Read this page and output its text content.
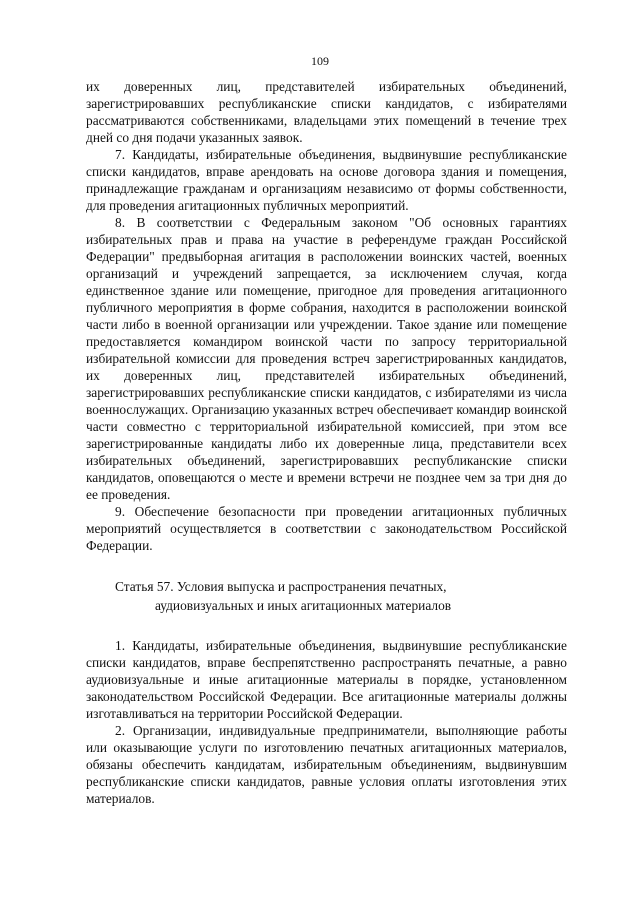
109

их доверенных лиц, представителей избирательных объединений, зарегистрировавших республиканские списки кандидатов, с избирателями рассматриваются собственниками, владельцами этих помещений в течение трех дней со дня подачи указанных заявок.

7. Кандидаты, избирательные объединения, выдвинувшие республиканские списки кандидатов, вправе арендовать на основе договора здания и помещения, принадлежащие гражданам и организациям независимо от формы собственности, для проведения агитационных публичных мероприятий.

8. В соответствии с Федеральным законом "Об основных гарантиях избирательных прав и права на участие в референдуме граждан Российской Федерации" предвыборная агитация в расположении воинских частей, военных организаций и учреждений запрещается, за исключением случая, когда единственное здание или помещение, пригодное для проведения агитационного публичного мероприятия в форме собрания, находится в расположении воинской части либо в военной организации или учреждении. Такое здание или помещение предоставляется командиром воинской части по запросу территориальной избирательной комиссии для проведения встреч зарегистрированных кандидатов, их доверенных лиц, представителей избирательных объединений, зарегистрировавших республиканские списки кандидатов, с избирателями из числа военнослужащих. Организацию указанных встреч обеспечивает командир воинской части совместно с территориальной избирательной комиссией, при этом все зарегистрированные кандидаты либо их доверенные лица, представители всех избирательных объединений, зарегистрировавших республиканские списки кандидатов, оповещаются о месте и времени встречи не позднее чем за три дня до ее проведения.

9. Обеспечение безопасности при проведении агитационных публичных мероприятий осуществляется в соответствии с законодательством Российской Федерации.

Статья 57. Условия выпуска и распространения печатных,
аудиовизуальных и иных агитационных материалов

1. Кандидаты, избирательные объединения, выдвинувшие республиканские списки кандидатов, вправе беспрепятственно распространять печатные, а равно аудиовизуальные и иные агитационные материалы в порядке, установленном законодательством Российской Федерации. Все агитационные материалы должны изготавливаться на территории Российской Федерации.

2. Организации, индивидуальные предприниматели, выполняющие работы или оказывающие услуги по изготовлению печатных агитационных материалов, обязаны обеспечить кандидатам, избирательным объединениям, выдвинувшим республиканские списки кандидатов, равные условия оплаты изготовления этих материалов.
